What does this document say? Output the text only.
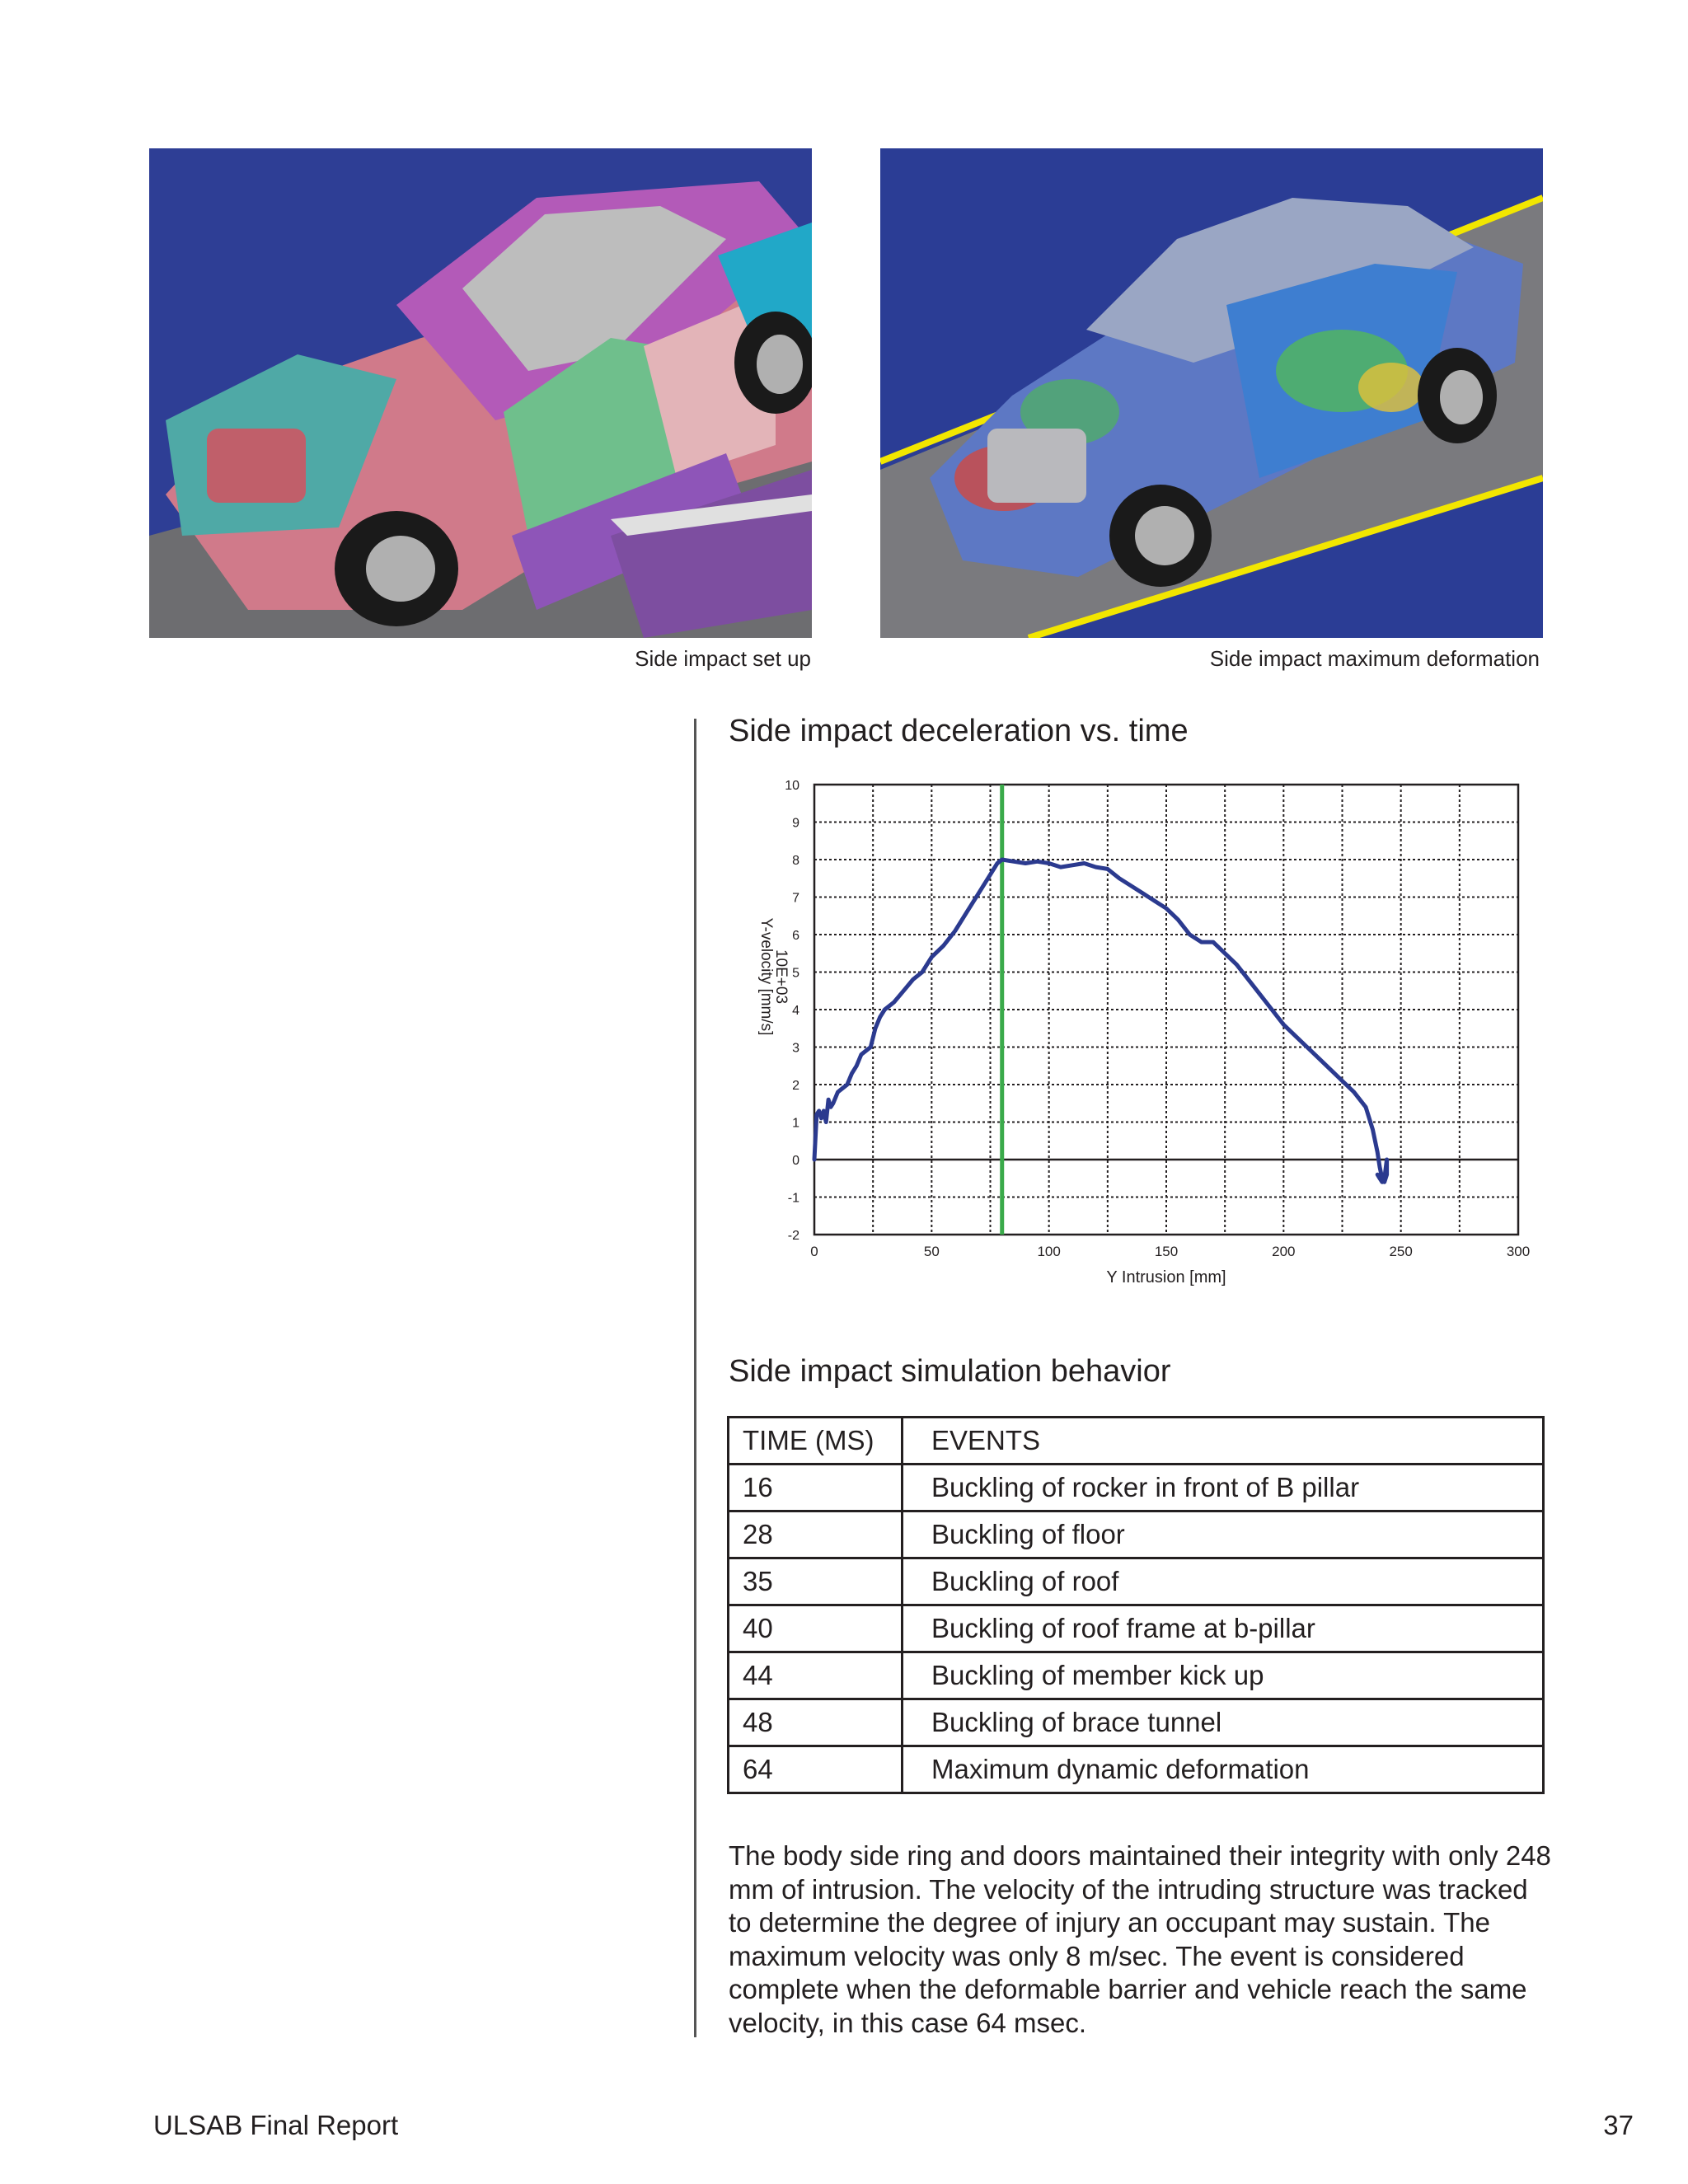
Side impact set up	Side impact maximum deformation
Side impact deceleration vs. time
10
9
8
7
6
5
4
3
2
1
0
-1
-2
0	50	100	150	200	250	300
Y Intrusion [mm]
Y-velocity [mm/s]
10E+03
Side impact simulation behavior
TIME (MS)	EVENTS
16	Buckling of rocker in front of B pillar
28	Buckling of floor
35	Buckling of roof
40	Buckling of roof frame at b-pillar
44	Buckling of member kick up
48	Buckling of brace tunnel
64	Maximum dynamic deformation

The body side ring and doors maintained their integrity with only 248 mm of intrusion. The velocity of the intruding structure was tracked to determine the degree of injury an occupant may sustain. The maximum velocity was only 8 m/sec. The event is considered complete when the deformable barrier and vehicle reach the same velocity, in this case 64 msec.

ULSAB Final Report	37
